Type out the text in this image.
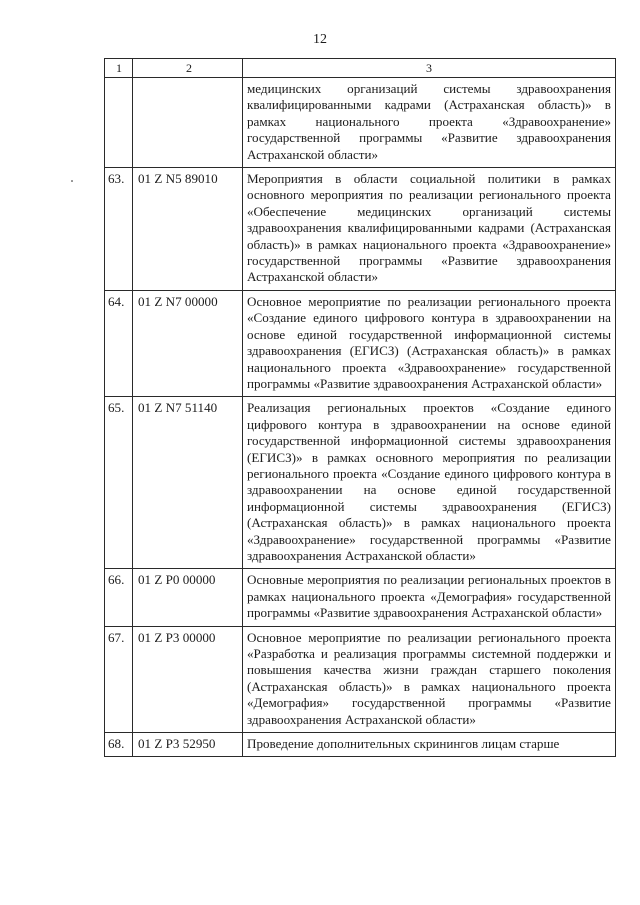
12
1	2	3
		медицинских организаций системы здравоохранения квалифицированными кадрами (Астраханская область)» в рамках национального проекта «Здравоохранение» государственной программы «Развитие здравоохранения Астраханской области»
63.	01 Z N5 89010	Мероприятия в области социальной политики в рамках основного мероприятия по реализации регионального проекта «Обеспечение медицинских организаций системы здравоохранения квалифицированными кадрами (Астраханская область)» в рамках национального проекта «Здравоохранение» государственной программы «Развитие здравоохранения Астраханской области»
64.	01 Z N7 00000	Основное мероприятие по реализации регионального проекта «Создание единого цифрового контура в здравоохранении на основе единой государственной информационной системы здравоохранения (ЕГИСЗ) (Астраханская область)» в рамках национального проекта «Здравоохранение» государственной программы «Развитие здравоохранения Астраханской области»
65.	01 Z N7 51140	Реализация региональных проектов «Создание единого цифрового контура в здравоохранении на основе единой государственной информационной системы здравоохранения (ЕГИСЗ)» в рамках основного мероприятия по реализации регионального проекта «Создание единого цифрового контура в здравоохранении на основе единой государственной информационной системы здравоохранения (ЕГИСЗ) (Астраханская область)» в рамках национального проекта «Здравоохранение» государственной программы «Развитие здравоохранения Астраханской области»
66.	01 Z P0 00000	Основные мероприятия по реализации региональных проектов в рамках национального проекта «Демография» государственной программы «Развитие здравоохранения Астраханской области»
67.	01 Z P3 00000	Основное мероприятие по реализации регионального проекта «Разработка и реализация программы системной поддержки и повышения качества жизни граждан старшего поколения (Астраханская область)» в рамках национального проекта «Демография» государственной программы «Развитие здравоохранения Астраханской области»
68.	01 Z P3 52950	Проведение дополнительных скринингов лицам старше
